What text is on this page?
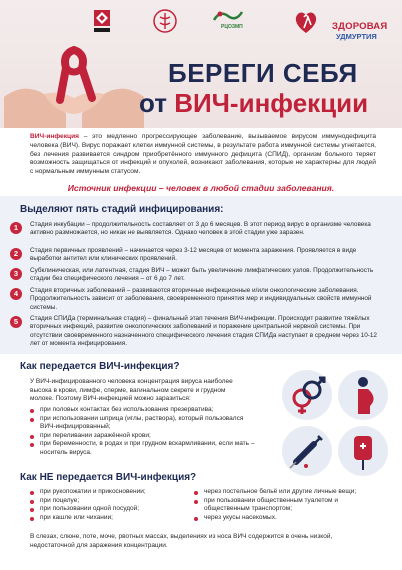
РЦОЗМП	ЗДОРОВАЯ
УДМУРТИЯ
БЕРЕГИ СЕБЯ
от ВИЧ-инфекции
ВИЧ-инфекция – это медленно прогрессирующее заболевание, вызываемое вирусом иммунодефицита человека (ВИЧ). Вирус поражает клетки иммунной системы, в результате работа иммунной системы угнетается, без лечения развивается синдром приобретённого иммунного дефицита (СПИД), организм больного теряет возможность защищаться от инфекций и опухолей, возникают заболевания, которые не характерны для людей с нормальным иммунным статусом.
Источник инфекции – человек в любой стадии заболевания.
Выделяют пять стадий инфицирования:
1	Стадия инкубации – продолжительность составляет от 3 до 6 месяцев. В этот период вирус в организме человека активно размножается, но никак не выявляется. Однако человек в этой стадии уже заразен.
2	Стадия первичных проявлений – начинается через 3-12 месяцев от момента заражения. Проявляется в виде выработки антител или клинических проявлений.
3	Субклиническая, или латентная, стадия ВИЧ – может быть увеличение лимфатических узлов. Продолжительность стадии без специфического лечения – от 6 до 7 лет.
4	Стадия вторичных заболеваний – развиваются вторичные инфекционные и/или онкологические заболевания. Продолжительность зависит от заболевания, своевременного принятия мер и индивидуальных свойств иммунной системы.
5	Стадия СПИДа (терминальная стадия) – финальный этап течения ВИЧ-инфекции. Происходит развитие тяжёлых вторичных инфекций, развитие онкологических заболеваний и поражение центральной нервной системы. При отсутствии своевременного назначенного специфического лечения стадия СПИДа наступает в среднем через 10-12 лет от момента инфицирования.
Как передается ВИЧ-инфекция?
У ВИЧ-инфицированного человека концентрация вируса наиболее высока в крови, лимфе, сперме, вагинальном секрете и грудном молоке. Поэтому ВИЧ-инфекцией можно заразиться:
при половых контактах без использования презерватива;
при использовании шприца (иглы, раствора), который пользовался ВИЧ-инфицированный;
при переливании заражённой крови;
при беременности, в родах и при грудном вскармливании, если мать – носитель вируса.
Как НЕ передается ВИЧ-инфекция?
при рукопожатии и прикосновении;
при поцелуе;
при пользовании одной посудой;
при кашле или чихании;
через постельное бельё или другие личные вещи;
при пользовании общественным туалетом и общественным транспортом;
через укусы насекомых.
В слезах, слюне, поте, моче, рвотных массах, выделениях из носа ВИЧ содержится в очень низкой, недостаточной для заражения концентрации.
